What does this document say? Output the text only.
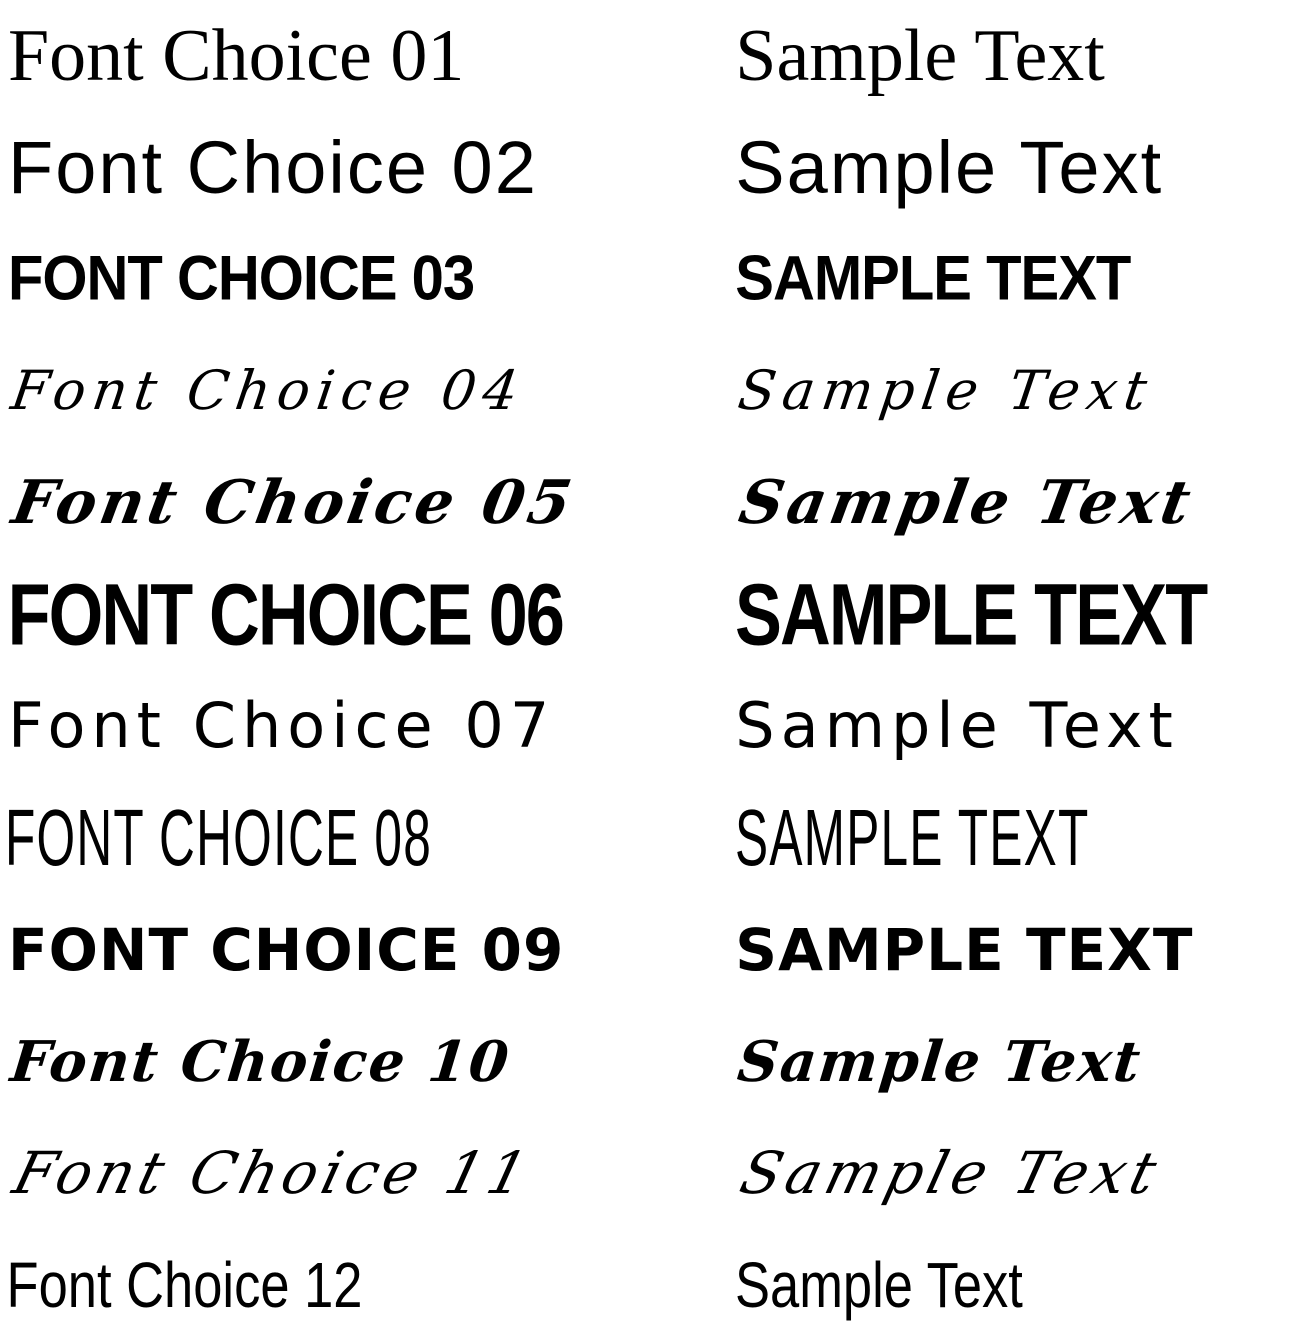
Font Choice 01	Sample Text
Font Choice 02	Sample Text
FONT CHOICE 03	SAMPLE TEXT
Font Choice 04	Sample Text
Font Choice 05	Sample Text
FONT CHOICE 06	SAMPLE TEXT
Font Choice 07	Sample Text
FONT CHOICE 08	SAMPLE TEXT
FONT CHOICE 09	SAMPLE TEXT
Font Choice 10	Sample Text
Font Choice 11	Sample Text
Font Choice 12	Sample Text
